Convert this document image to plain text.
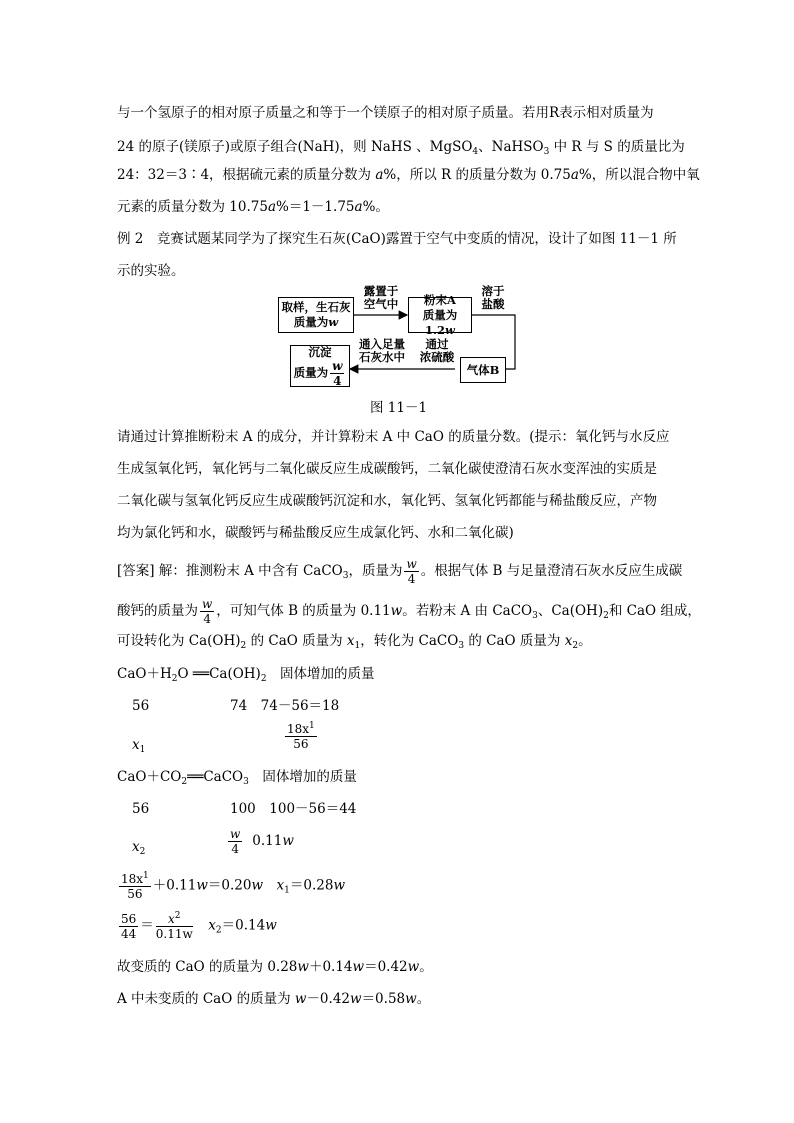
与一个氢原子的相对原子质量之和等于一个镁原子的相对原子质量。若用R表示相对质量为
24 的原子(镁原子)或原子组合(NaH)，则 NaHS 、MgSO$_4$、NaHSO$_3$ 中 R 与 S 的质量比为
24：32＝3∶4，根据硫元素的质量分数为 a%，所以 R 的质量分数为 0.75a%，所以混合物中氧
元素的质量分数为 10.75a%＝1－1.75a%。
例 2　竞赛试题某同学为了探究生石灰(CaO)露置于空气中变质的情况，设计了如图 11－1 所
示的实验。
取样，生石灰
质量为w
露置于
空气中	粉末A
质量为1.2w
溶于
盐酸
气体B
通过
浓硫酸
通入足量
石灰水中
沉淀
质量为 $\frac{w}{4}$
图 11－1
请通过计算推断粉末 A 的成分，并计算粉末 A 中 CaO 的质量分数。(提示：氧化钙与水反应
生成氢氧化钙，氧化钙与二氧化碳反应生成碳酸钙，二氧化碳使澄清石灰水变浑浊的实质是
二氧化碳与氢氧化钙反应生成碳酸钙沉淀和水，氧化钙、氢氧化钙都能与稀盐酸反应，产物
均为氯化钙和水，碳酸钙与稀盐酸反应生成氯化钙、水和二氧化碳)
[答案] 解：推测粉末 A 中含有 CaCO$_3$，质量为 $\frac{w}{4}$ 。根据气体 B 与足量澄清石灰水反应生成碳
酸钙的质量为 $\frac{w}{4}$ ，可知气体 B 的质量为 0.11w。若粉末 A 由 CaCO$_3$、$Ca(OH)_2$和 CaO 组成，
可设转化为 $Ca(OH)_2$ 的 CaO 质量为 $x_1$，转化为 CaCO$_3$ 的 CaO 质量为 $x_2$。
$CaO+H_2O$ $══Ca(OH)_2$　固体增加的质量
56	74　74－56＝18
$x_1$	$\frac{18x^1}{56}$
$CaO+CO_2══CaCO_3$　固体增加的质量
56	100　100－56＝44
$x_2$	$\frac{w}{4} 0.11w$
$\frac{18x^1}{56} +0.11w=0.20w$　 $x_1=0.28w$
$\frac{56}{44} = \frac{x^2}{0.11w}$
　 $x_2=0.14w$
故变质的 CaO 的质量为 0.28w＋0.14w＝0.42w。
A 中未变质的 CaO 的质量为 w－0.42w＝0.58w。
